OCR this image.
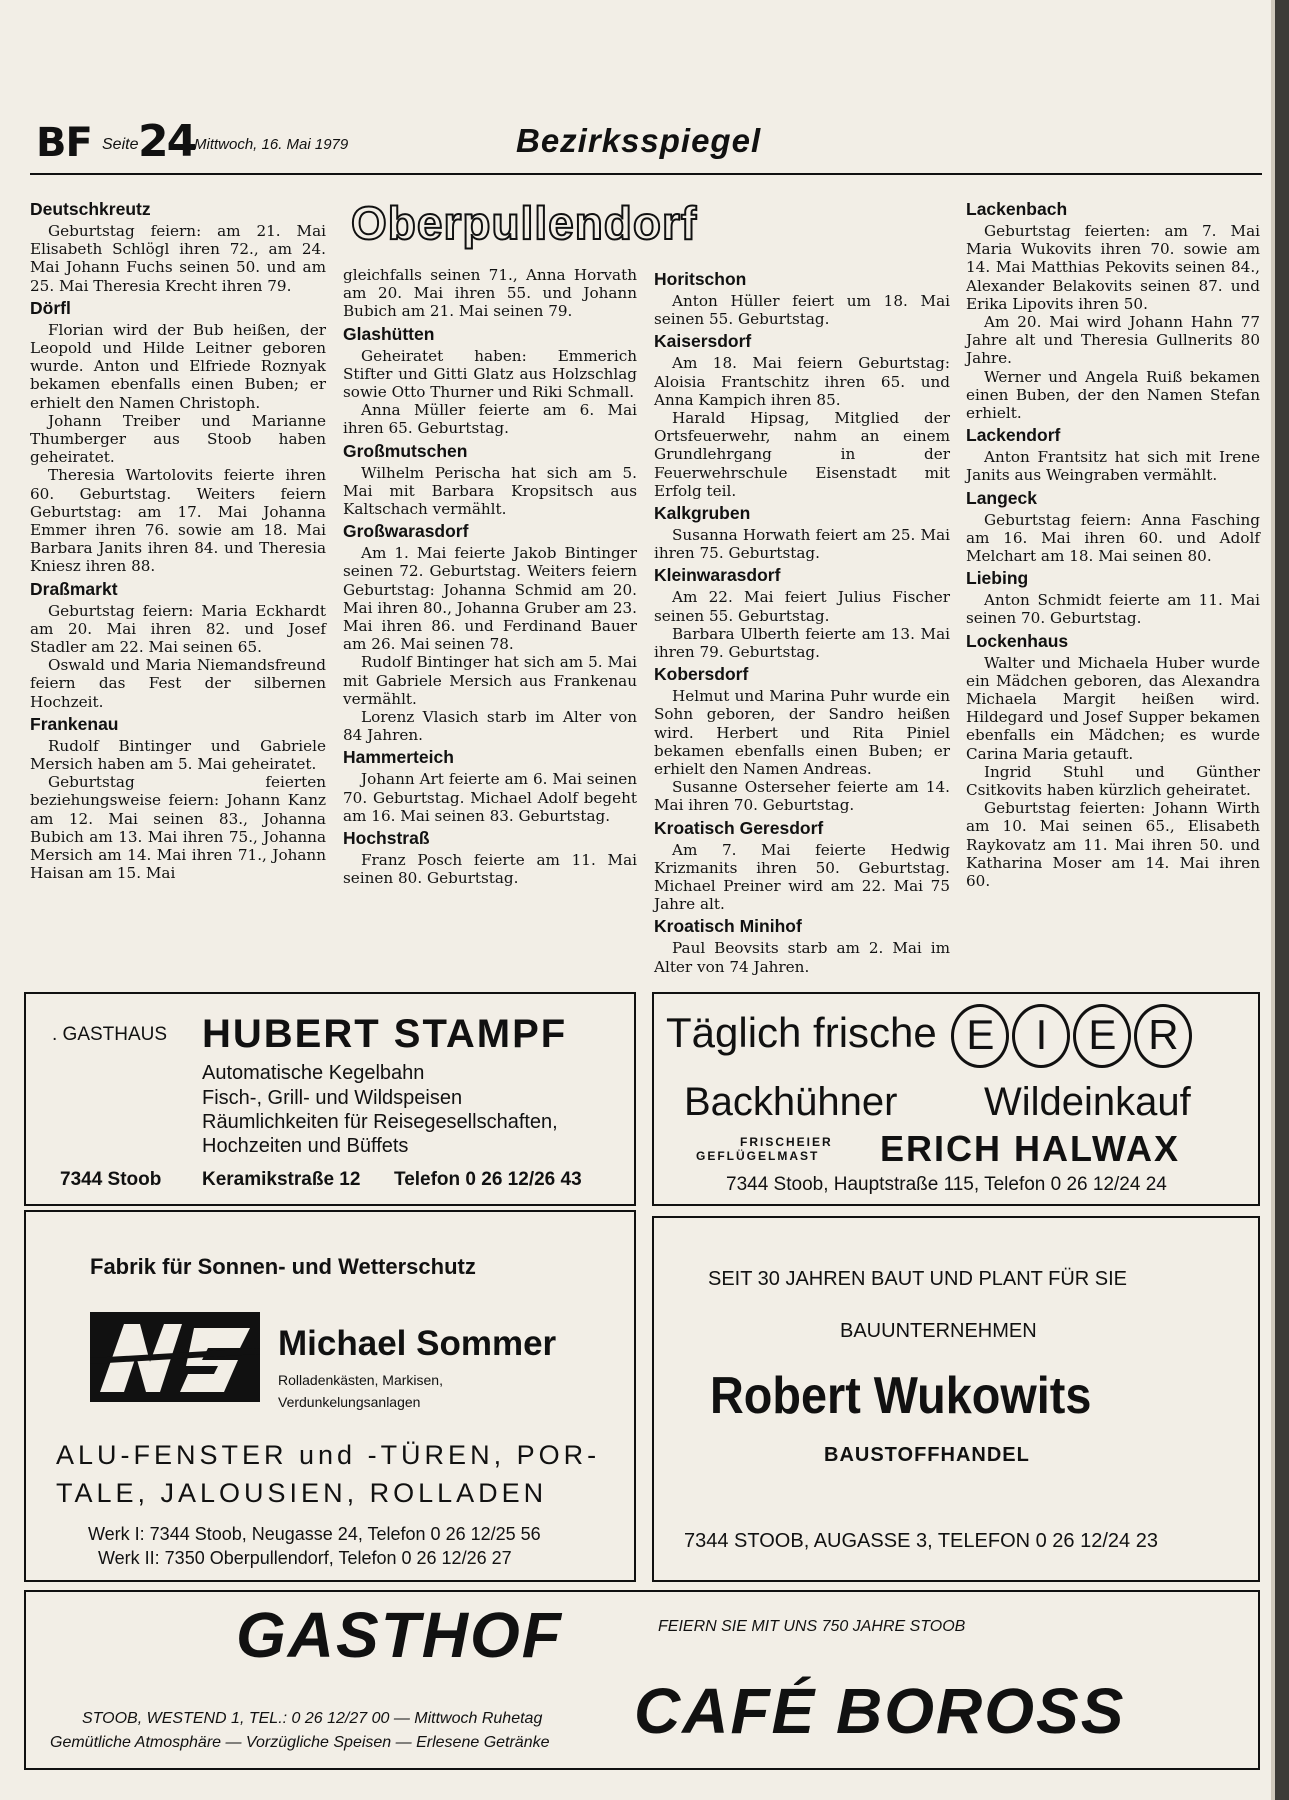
BF Seite 24
Mittwoch, 16. Mai 1979	Bezirksspiegel
Oberpullendorf
Deutschkreutz

Geburtstag feiern: am 21. Mai Elisabeth Schlögl ihren 72., am 24. Mai Johann Fuchs seinen 50. und am 25. Mai Theresia Krecht ihren 79.

Dörfl

Florian wird der Bub heißen, der Leopold und Hilde Leitner geboren wurde. Anton und Elfriede Roznyak bekamen ebenfalls einen Buben; er erhielt den Namen Christoph.

Johann Treiber und Marianne Thumberger aus Stoob haben geheiratet.

Theresia Wartolovits feierte ihren 60. Geburtstag. Weiters feiern Geburtstag: am 17. Mai Johanna Emmer ihren 76. sowie am 18. Mai Barbara Janits ihren 84. und Theresia Kniesz ihren 88.

Draßmarkt

Geburtstag feiern: Maria Eckhardt am 20. Mai ihren 82. und Josef Stadler am 22. Mai seinen 65.

Oswald und Maria Niemandsfreund feiern das Fest der silbernen Hochzeit.

Frankenau

Rudolf Bintinger und Gabriele Mersich haben am 5. Mai geheiratet.

Geburtstag feierten beziehungsweise feiern: Johann Kanz am 12. Mai seinen 83., Johanna Bubich am 13. Mai ihren 75., Johanna Mersich am 14. Mai ihren 71., Johann Haisan am 15. Mai

gleichfalls seinen 71., Anna Horvath am 20. Mai ihren 55. und Johann Bubich am 21. Mai seinen 79.

Glashütten

Geheiratet haben: Emmerich Stifter und Gitti Glatz aus Holzschlag sowie Otto Thurner und Riki Schmall.

Anna Müller feierte am 6. Mai ihren 65. Geburtstag.

Großmutschen

Wilhelm Perischa hat sich am 5. Mai mit Barbara Kropsitsch aus Kaltschach vermählt.

Großwarasdorf

Am 1. Mai feierte Jakob Bintinger seinen 72. Geburtstag. Weiters feiern Geburtstag: Johanna Schmid am 20. Mai ihren 80., Johanna Gruber am 23. Mai ihren 86. und Ferdinand Bauer am 26. Mai seinen 78.

Rudolf Bintinger hat sich am 5. Mai mit Gabriele Mersich aus Frankenau vermählt.

Lorenz Vlasich starb im Alter von 84 Jahren.

Hammerteich

Johann Art feierte am 6. Mai seinen 70. Geburtstag. Michael Adolf begeht am 16. Mai seinen 83. Geburtstag.

Hochstraß

Franz Posch feierte am 11. Mai seinen 80. Geburtstag.

Horitschon

Anton Hüller feiert um 18. Mai seinen 55. Geburtstag.

Kaisersdorf

Am 18. Mai feiern Geburtstag: Aloisia Frantschitz ihren 65. und Anna Kampich ihren 85.

Harald Hipsag, Mitglied der Ortsfeuerwehr, nahm an einem Grundlehrgang in der Feuerwehrschule Eisenstadt mit Erfolg teil.

Kalkgruben

Susanna Horwath feiert am 25. Mai ihren 75. Geburtstag.

Kleinwarasdorf

Am 22. Mai feiert Julius Fischer seinen 55. Geburtstag.

Barbara Ulberth feierte am 13. Mai ihren 79. Geburtstag.

Kobersdorf

Helmut und Marina Puhr wurde ein Sohn geboren, der Sandro heißen wird. Herbert und Rita Piniel bekamen ebenfalls einen Buben; er erhielt den Namen Andreas.

Susanne Osterseher feierte am 14. Mai ihren 70. Geburtstag.

Kroatisch Geresdorf

Am 7. Mai feierte Hedwig Krizmanits ihren 50. Geburtstag. Michael Preiner wird am 22. Mai 75 Jahre alt.

Kroatisch Minihof

Paul Beovsits starb am 2. Mai im Alter von 74 Jahren.

Lackenbach

Geburtstag feierten: am 7. Mai Maria Wukovits ihren 70. sowie am 14. Mai Matthias Pekovits seinen 84., Alexander Belakovits seinen 87. und Erika Lipovits ihren 50.

Am 20. Mai wird Johann Hahn 77 Jahre alt und Theresia Gullnerits 80 Jahre.

Werner und Angela Ruiß bekamen einen Buben, der den Namen Stefan erhielt.

Lackendorf

Anton Frantsitz hat sich mit Irene Janits aus Weingraben vermählt.

Langeck

Geburtstag feiern: Anna Fasching am 16. Mai ihren 60. und Adolf Melchart am 18. Mai seinen 80.

Liebing

Anton Schmidt feierte am 11. Mai seinen 70. Geburtstag.

Lockenhaus

Walter und Michaela Huber wurde ein Mädchen geboren, das Alexandra Michaela Margit heißen wird. Hildegard und Josef Supper bekamen ebenfalls ein Mädchen; es wurde Carina Maria getauft.

Ingrid Stuhl und Günther Csitkovits haben kürzlich geheiratet.

Geburtstag feierten: Johann Wirth am 10. Mai seinen 65., Elisabeth Raykovatz am 11. Mai ihren 50. und Katharina Moser am 14. Mai ihren 60.

. GASTHAUS HUBERT STAMPF
Automatische Kegelbahn
Fisch-, Grill- und Wildspeisen
Räumlichkeiten für Reisegesellschaften,
Hochzeiten und Büffets
7344 Stoob Keramikstraße 12 Telefon 0 26 12/26 43
Täglich frische E I E R
Backhühner Wildeinkauf
FRISCHEIER
GEFLÜGELMAST ERICH HALWAX
7344 Stoob, Hauptstraße 115, Telefon 0 26 12/24 24
Fabrik für Sonnen- und Wetterschutz
Michael Sommer
Rolladenkästen, Markisen,
Verdunkelungsanlagen
ALU-FENSTER und -TÜREN, POR-
TALE, JALOUSIEN, ROLLADEN
Werk I: 7344 Stoob, Neugasse 24, Telefon 0 26 12/25 56
Werk II: 7350 Oberpullendorf, Telefon 0 26 12/26 27
SEIT 30 JAHREN BAUT UND PLANT FÜR SIE
BAUUNTERNEHMEN
Robert Wukowits
BAUSTOFFHANDEL
7344 STOOB, AUGASSE 3, TELEFON 0 26 12/24 23
GASTHOF	FEIERN SIE MIT UNS 750 JAHRE STOOB
CAFÉ BOROSS
STOOB, WESTEND 1, TEL.: 0 26 12/27 00 — Mittwoch Ruhetag
Gemütliche Atmosphäre — Vorzügliche Speisen — Erlesene Getränke
